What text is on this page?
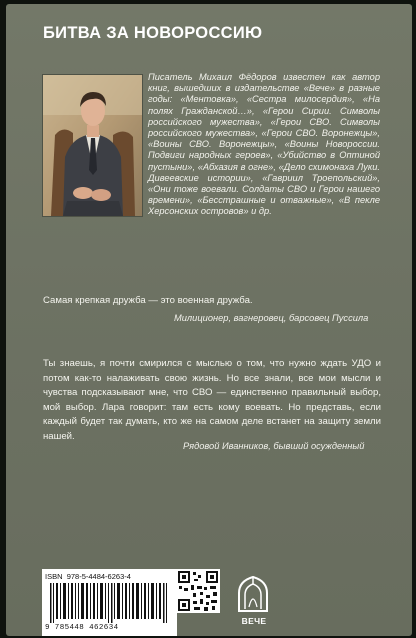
БИТВА ЗА НОВОРОССИЮ

Писатель Михаил Фёдоров известен как автор книг, вышедших в издательстве «Вече» в разные годы: «Ментовка», «Сестра милосердия», «На полях Гражданской…», «Герои Сирии. Символы российского мужества», «Герои СВО. Символы российского мужества», «Герои СВО. Воронежцы», «Воины СВО. Воронежцы», «Воины Новороссии. Подвиги народных героев», «Убийство в Оптиной пустыни», «Абхазия в огне», «Дело схимонаха Луки. Дивеевские истории», «Гавриил Троепольский», «Они тоже воевали. Солдаты СВО и Герои нашего времени», «Бесстрашные и отважные», «В пекле Херсонских островов» и др.

Самая крепкая дружба — это военная дружба.

Милиционер, вагнеровец, барсовец Пуссила

Ты знаешь, я почти смирился с мыслью о том, что нужно ждать УДО и потом как-то налаживать свою жизнь. Но все знали, все мои мысли и чувства подсказывают мне, что СВО — единственно правильный выбор, мой выбор. Лара говорит: там есть кому воевать. Но представь, если каждый будет так думать, кто же на самом деле встанет на защиту земли нашей.

Рядовой Иванников, бывший осужденный

ISBN 978-5-4484-6263-4
9 785448 462634
ВЕЧЕ
